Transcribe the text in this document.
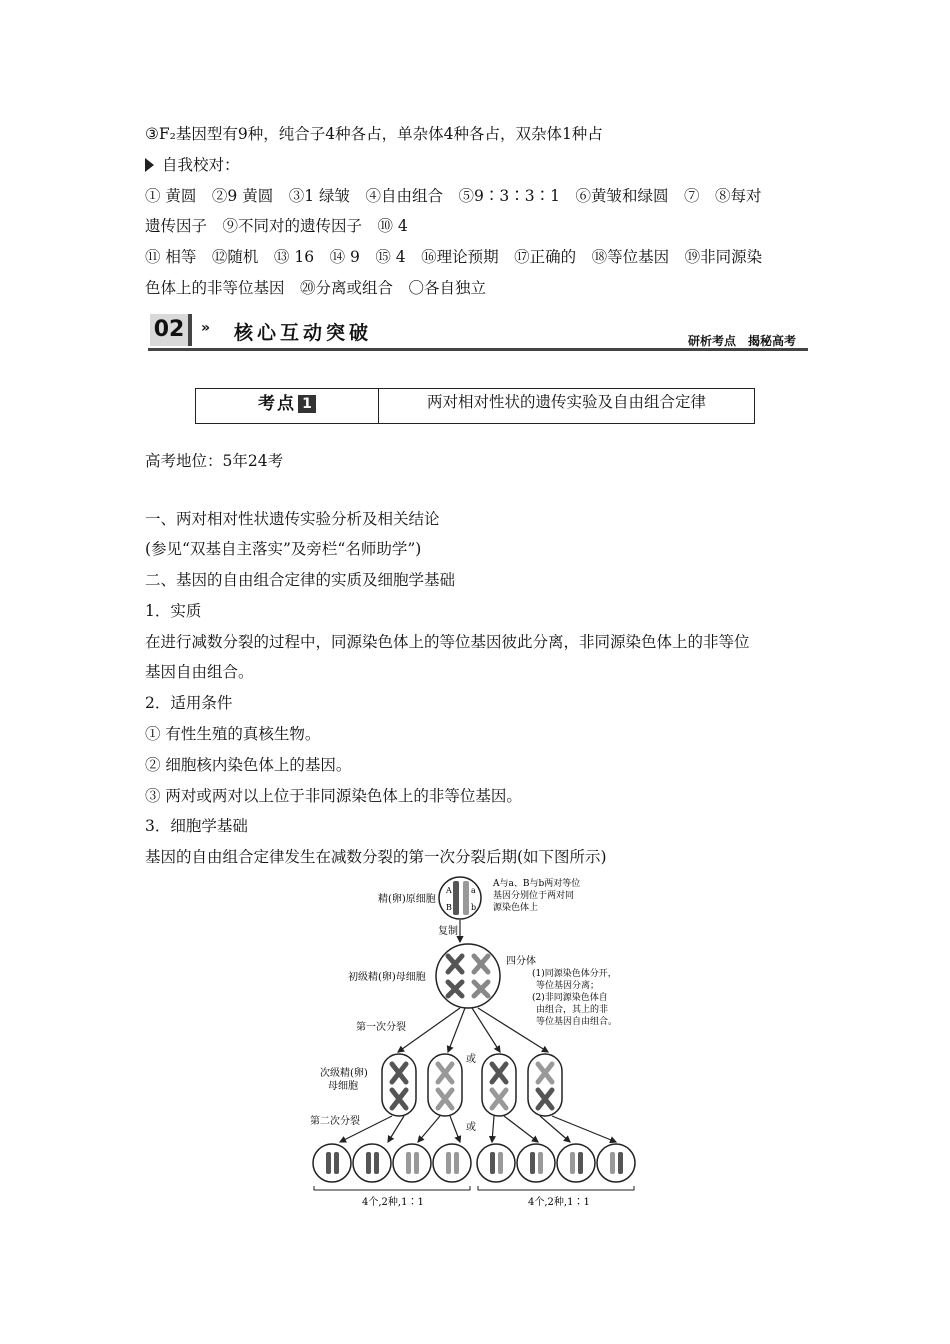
③F₂基因型有9种，纯合子4种各占，单杂体4种各占，双杂体1种占
自我校对：
① 黄圆　②9 黄圆　③1 绿皱　④自由组合　⑤9∶3∶3∶1　⑥黄皱和绿圆　⑦　⑧每对
遗传因子　⑨不同对的遗传因子　⑩ 4
⑪ 相等　⑫随机　⑬ 16　⑭ 9　⑮ 4　⑯理论预期　⑰正确的　⑱等位基因　⑲非同源染
色体上的非等位基因　⑳分离或组合　〇各自独立
02	» 核心互动突破	研析考点　揭秘高考
考点 1	两对相对性状的遗传实验及自由组合定律
高考地位：5年24考
一、两对相对性状遗传实验分析及相关结论
(参见“双基自主落实”及旁栏“名师助学”)
二、基因的自由组合定律的实质及细胞学基础
1．实质
在进行减数分裂的过程中，同源染色体上的等位基因彼此分离，非同源染色体上的非等位
基因自由组合。
2．适用条件
① 有性生殖的真核生物。
② 细胞核内染色体上的基因。
③ 两对或两对以上位于非同源染色体上的非等位基因。
3．细胞学基础
基因的自由组合定律发生在减数分裂的第一次分裂后期(如下图所示)
精(卵)原细胞
A a
B b
A与a、B与b两对等位
基因分别位于两对同
源染色体上
复制
初级精(卵)母细胞
四分体
(1)同源染色体分开，
等位基因分离；
(2)非同源染色体自
由组合，其上的非
等位基因自由组合。
第一次分裂
次级精(卵)
母细胞
或
第二次分裂
或
4个,2种,1∶1	4个,2种,1∶1
